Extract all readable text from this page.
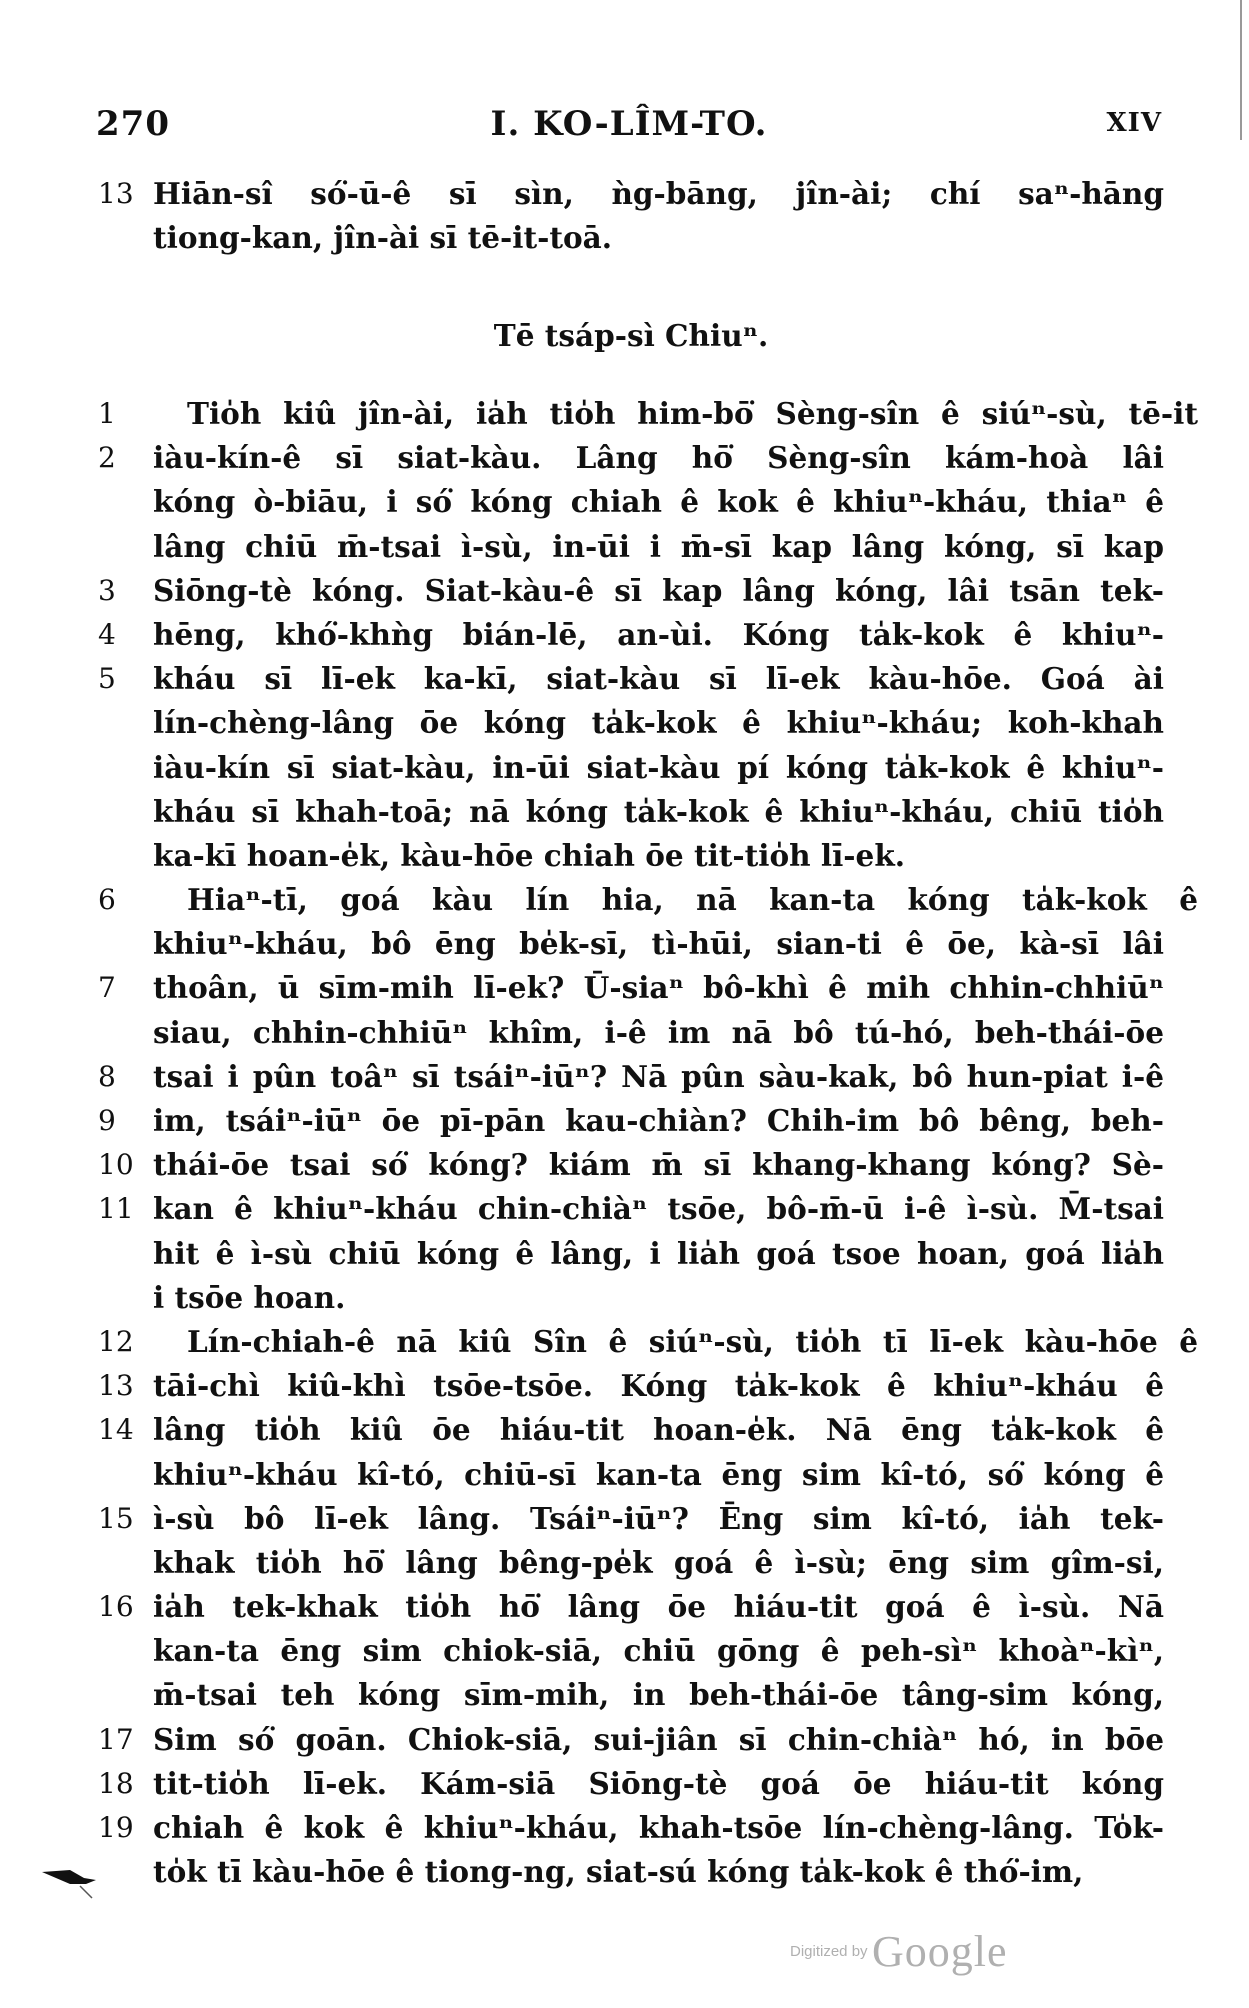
270	I. KO-LÎM-TO.	XIV
13 Hiān-sî só͘-ū-ê sī sìn, ǹg-bāng, jîn-ài; chí saⁿ-hāng
tiong-kan, jîn-ài sī tē-it-toā.
Tē tsáp-sì Chiuⁿ.
1 Tio̍h kiû jîn-ài, ia̍h tio̍h him-bō͘ Sèng-sîn ê siúⁿ-sù, tē-it
2 iàu-kín-ê sī siat-kàu. Lâng hō͘ Sèng-sîn kám-hoà lâi
kóng ò-biāu, i só͘ kóng chiah ê kok ê khiuⁿ-kháu, thiaⁿ ê
lâng chiū m̄-tsai ì-sù, in-ūi i m̄-sī kap lâng kóng, sī kap
3 Siōng-tè kóng. Siat-kàu-ê sī kap lâng kóng, lâi tsān tek-
4 hēng, khó͘-khǹg bián-lē, an-ùi. Kóng ta̍k-kok ê khiuⁿ-
5 kháu sī lī-ek ka-kī, siat-kàu sī lī-ek kàu-hōe. Goá ài
lín-chèng-lâng ōe kóng ta̍k-kok ê khiuⁿ-kháu; koh-khah
iàu-kín sī siat-kàu, in-ūi siat-kàu pí kóng ta̍k-kok ê khiuⁿ-
kháu sī khah-toā; nā kóng ta̍k-kok ê khiuⁿ-kháu, chiū tio̍h
ka-kī hoan-e̍k, kàu-hōe chiah ōe tit-tio̍h lī-ek.
6 Hiaⁿ-tī, goá kàu lín hia, nā kan-ta kóng ta̍k-kok ê
khiuⁿ-kháu, bô ēng be̍k-sī, tì-hūi, sian-ti ê ōe, kà-sī lâi
7 thoân, ū sīm-mih lī-ek? Ū-siaⁿ bô-khì ê mih chhin-chhiūⁿ
siau, chhin-chhiūⁿ khîm, i-ê im nā bô tú-hó, beh-thái-ōe
8 tsai i pûn toâⁿ sī tsáiⁿ-iūⁿ? Nā pûn sàu-kak, bô hun-piat i-ê
9 im, tsáiⁿ-iūⁿ ōe pī-pān kau-chiàn? Chih-im bô bêng, beh-
10 thái-ōe tsai só͘ kóng? kiám m̄ sī khang-khang kóng? Sè-
11 kan ê khiuⁿ-kháu chin-chiàⁿ tsōe, bô-m̄-ū i-ê ì-sù. M̄-tsai
hit ê ì-sù chiū kóng ê lâng, i lia̍h goá tsoe hoan, goá lia̍h
i tsōe hoan.
12 Lín-chiah-ê nā kiû Sîn ê siúⁿ-sù, tio̍h tī lī-ek kàu-hōe ê
13 tāi-chì kiû-khì tsōe-tsōe. Kóng ta̍k-kok ê khiuⁿ-kháu ê
14 lâng tio̍h kiû ōe hiáu-tit hoan-e̍k. Nā ēng ta̍k-kok ê
khiuⁿ-kháu kî-tó, chiū-sī kan-ta ēng sim kî-tó, só͘ kóng ê
15 ì-sù bô lī-ek lâng. Tsáiⁿ-iūⁿ? Ēng sim kî-tó, ia̍h tek-
khak tio̍h hō͘ lâng bêng-pe̍k goá ê ì-sù; ēng sim gîm-si,
16 ia̍h tek-khak tio̍h hō͘ lâng ōe hiáu-tit goá ê ì-sù. Nā
kan-ta ēng sim chiok-siā, chiū gōng ê peh-sìⁿ khoàⁿ-kìⁿ,
m̄-tsai teh kóng sīm-mih, in beh-thái-ōe tâng-sim kóng,
17 Sim só͘ goān. Chiok-siā, sui-jiân sī chin-chiàⁿ hó, in bōe
18 tit-tio̍h lī-ek. Kám-siā Siōng-tè goá ōe hiáu-tit kóng
19 chiah ê kok ê khiuⁿ-kháu, khah-tsōe lín-chèng-lâng. To̍k-
to̍k tī kàu-hōe ê tiong-ng, siat-sú kóng ta̍k-kok ê thó͘-im,
Digitized by Google
